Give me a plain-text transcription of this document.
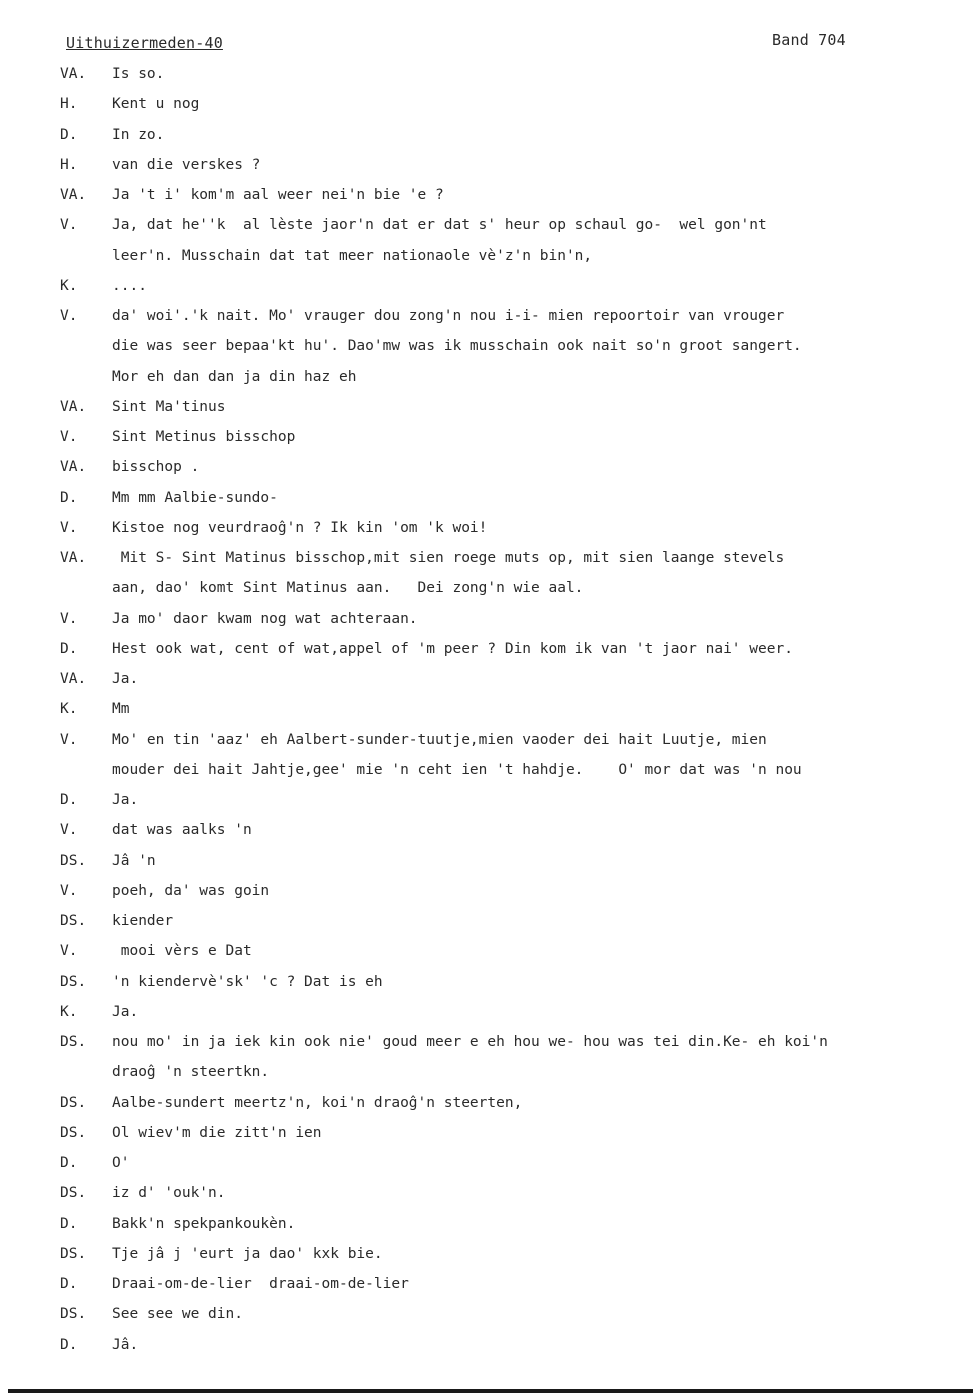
Uithuizermeden-40	Band 704
VA. Is so.
H. Kent u nog
D. In zo.
H. van die verskes ?
VA. Ja 't i' kom'm aal weer nei'n bie 'e ?
V. Ja, dat he''k  al lèste jaor'n dat er dat s' heur op schaul go-  wel gon'nt
leer'n. Musschain dat tat meer nationaole vè'z'n bin'n,
K. ....
V. da' woi'.'k nait. Mo' vrauger dou zong'n nou i-i- mien repoortoir van vrouger
die was seer bepaa'kt hu'. Dao'mw was ik musschain ook nait so'n groot sangert.
Mor eh dan dan ja din haz eh
VA. Sint Ma'tinus
V. Sint Metinus bisschop
VA. bisschop .
D. Mm mm Aalbie-sundo-
V. Kistoe nog veurdraoĝ'n ? Ik kin 'om 'k woi!
VA. Mit S- Sint Matinus bisschop,mit sien roege muts op, mit sien laange stevels
aan, dao' komt Sint Matinus aan.   Dei zong'n wie aal.
V. Ja mo' daor kwam nog wat achteraan.
D. Hest ook wat, cent of wat,appel of 'm peer ? Din kom ik van 't jaor nai' weer.
VA. Ja.
K. Mm
V. Mo' en tin 'aaz' eh Aalbert-sunder-tuutje,mien vaoder dei hait Luutje, mien
mouder dei hait Jahtje,gee' mie 'n ceht ien 't hahdje.    O' mor dat was 'n nou
D. Ja.
V. dat was aalks 'n
DS. Jâ 'n
V. poeh, da' was goin
DS. kiender
V. mooi vèrs e Dat
DS. 'n kiendervè'sk' 'c ? Dat is eh
K. Ja.
DS. nou mo' in ja iek kin ook nie' goud meer e eh hou we- hou was tei din.Ke- eh koi'n
draoĝ 'n steertkn.
DS. Aalbe-sundert meertz'n, koi'n draoĝ'n steerten,
DS. Ol wiev'm die zitt'n ien
D. O'
DS. iz d' 'ouk'n.
D. Bakk'n spekpankoukèn.
DS. Tje jâ j 'eurt ja dao' kxk bie.
D. Draai-om-de-lier  draai-om-de-lier
DS. See see we din.
D. Jâ.
